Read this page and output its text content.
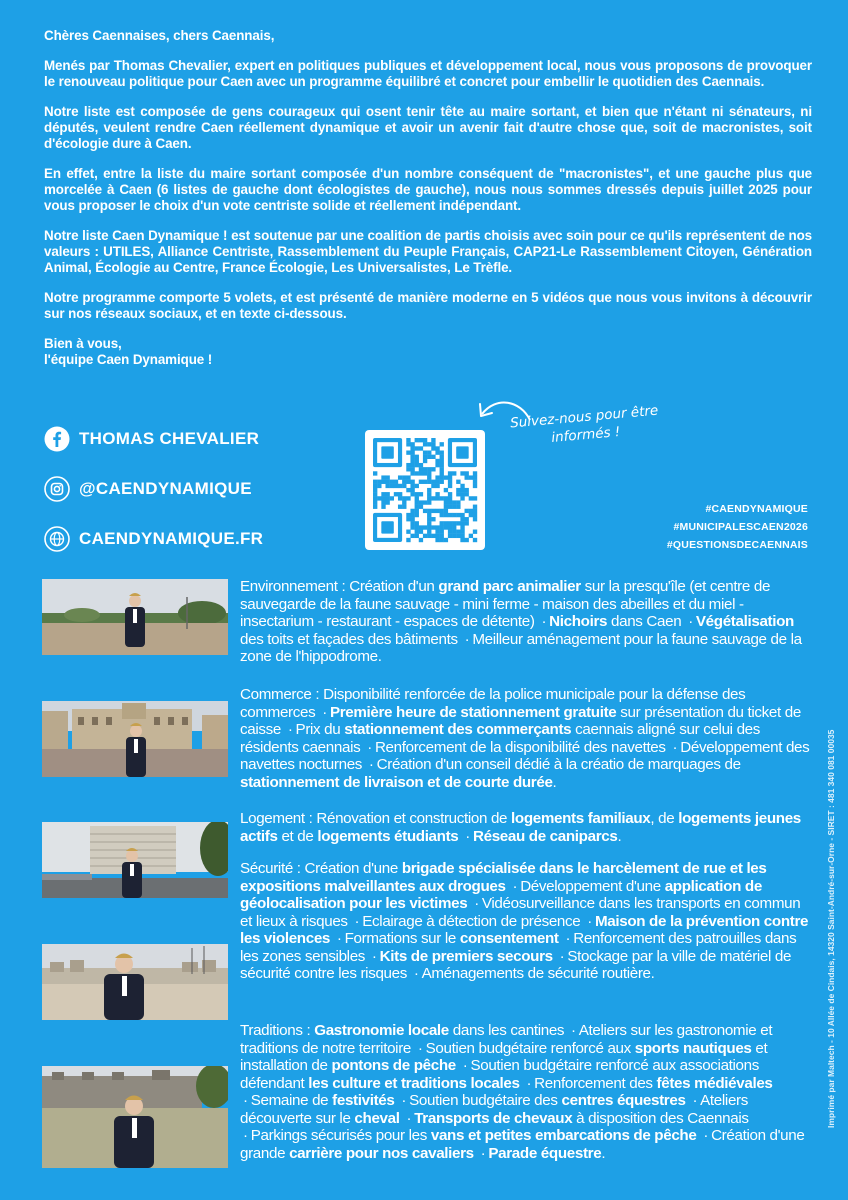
Chères Caennaises, chers Caennais,

Menés par Thomas Chevalier, expert en politiques publiques et développement local, nous vous proposons de provoquer le renouveau politique pour Caen avec un programme équilibré et concret pour embellir le quotidien des Caennais.

Notre liste est composée de gens courageux qui osent tenir tête au maire sortant, et bien que n'étant ni sénateurs, ni députés, veulent rendre Caen réellement dynamique et avoir un avenir fait d'autre chose que, soit de macronistes, soit d'écologie dure à Caen.

En effet, entre la liste du maire sortant composée d'un nombre conséquent de "macronistes", et une gauche plus que morcelée à Caen (6 listes de gauche dont écologistes de gauche), nous nous sommes dressés depuis juillet 2025 pour vous proposer le choix d'un vote centriste solide et réellement indépendant.

Notre liste Caen Dynamique ! est soutenue par une coalition de partis choisis avec soin pour ce qu'ils représentent de nos valeurs : UTILES, Alliance Centriste, Rassemblement du Peuple Français, CAP21-Le Rassemblement Citoyen, Génération Animal, Écologie au Centre, France Écologie, Les Universalistes, Le Trèfle.

Notre programme comporte 5 volets, et est présenté de manière moderne en 5 vidéos que nous vous invitons à découvrir sur nos réseaux sociaux, et en texte ci-dessous.

Bien à vous,
l'équipe Caen Dynamique !

THOMAS CHEVALIER
@CAENDYNAMIQUE
CAENDYNAMIQUE.FR
Suivez-nous pour être informés !
#CAENDYNAMIQUE
#MUNICIPALESCAEN2026
#QUESTIONSDECAENNAIS
Environnement : Création d'un grand parc animalier sur la presqu'île (et centre de sauvegarde de la faune sauvage - mini ferme - maison des abeilles et du miel - insectarium - restaurant - espaces de détente) · Nichoirs dans Caen · Végétalisation des toits et façades des bâtiments · Meilleur aménagement pour la faune sauvage de la zone de l'hippodrome.
Commerce : Disponibilité renforcée de la police municipale pour la défense des commerces · Première heure de stationnement gratuite sur présentation du ticket de caisse · Prix du stationnement des commerçants caennais aligné sur celui des résidents caennais · Renforcement de la disponibilité des navettes · Développement des navettes nocturnes · Création d'un conseil dédié à la créatio de marquages de stationnement de livraison et de courte durée.
Logement : Rénovation et construction de logements familiaux, de logements jeunes actifs et de logements étudiants · Réseau de caniparcs.
Sécurité : Création d'une brigade spécialisée dans le harcèlement de rue et les expositions malveillantes aux drogues · Développement d'une application de géolocalisation pour les victimes · Vidéosurveillance dans les transports en commun et lieux à risques · Eclairage à détection de présence · Maison de la prévention contre les violences · Formations sur le consentement · Renforcement des patrouilles dans les zones sensibles · Kits de premiers secours · Stockage par la ville de matériel de sécurité contre les risques · Aménagements de sécurité routière.
Traditions : Gastronomie locale dans les cantines · Ateliers sur les gastronomie et traditions de notre territoire · Soutien budgétaire renforcé aux sports nautiques et installation de pontons de pêche · Soutien budgétaire renforcé aux associations défendant les culture et traditions locales · Renforcement des fêtes médiévales · Semaine de festivités · Soutien budgétaire des centres équestres · Ateliers découverte sur le cheval · Transports de chevaux à disposition des Caennais · Parkings sécurisés pour les vans et petites embarcations de pêche · Création d'une grande carrière pour nos cavaliers · Parade équestre.
Imprimé par Maltech - 10 Allée de Cindais, 14320 Saint-André-sur-Orne - SIRET : 481 340 081 00035
